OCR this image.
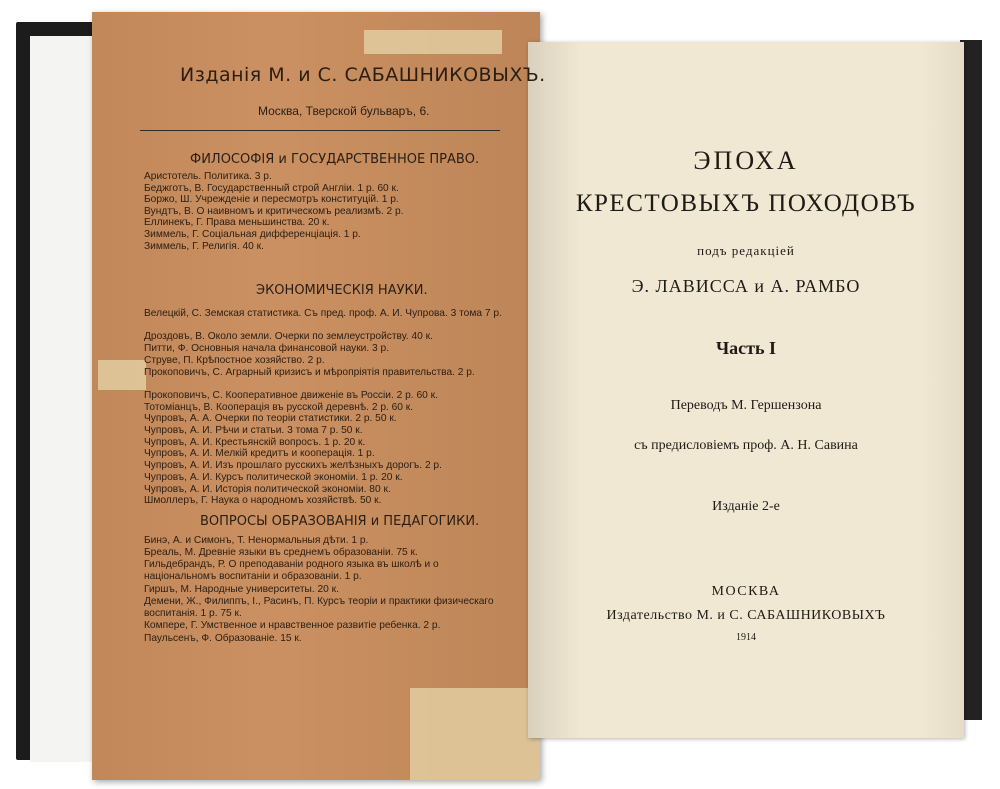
Изданія М. и С. САБАШНИКОВЫХЪ.
Москва, Тверской бульваръ, 6.
ФИЛОСОФІЯ и ГОСУДАРСТВЕННОЕ ПРАВО.
Аристотель. Политика. 3 р.
Беджготъ, В. Государственный строй Англіи. 1 р. 60 к.
Боржо, Ш. Учрежденіе и пересмотръ конституцій. 1 р.
Вундтъ, В. О наивномъ и критическомъ реализмѣ. 2 р.
Еллинекъ, Г. Права меньшинства. 20 к.
Зиммель, Г. Соціальная дифференціація. 1 р.
Зиммель, Г. Религія. 40 к.
ЭКОНОМИЧЕСКІЯ НАУКИ.
Велецкій, С. Земская статистика. Съ пред. проф. А. И. Чупрова. 3 тома 7 р.
Дроздовъ, В. Около земли. Очерки по землеустройству. 40 к.
Питти, Ф. Основныя начала финансовой науки. 3 р.
Струве, П. Крѣпостное хозяйство. 2 р.
Прокоповичъ, С. Аграрный кризисъ и мѣропріятія правительства. 2 р.
Прокоповичъ, С. Кооперативное движеніе въ Россіи. 2 р. 60 к.
Тотоміанцъ, В. Кооперація въ русской деревнѣ. 2 р. 60 к.
Чупровъ, А. А. Очерки по теоріи статистики. 2 р. 50 к.
Чупровъ, А. И. Рѣчи и статьи. 3 тома 7 р. 50 к.
Чупровъ, А. И. Крестьянскій вопросъ. 1 р. 20 к.
Чупровъ, А. И. Мелкій кредитъ и кооперація. 1 р.
Чупровъ, А. И. Изъ прошлаго русскихъ желѣзныхъ дорогъ. 2 р.
Чупровъ, А. И. Курсъ политической экономіи. 1 р. 20 к.
Чупровъ, А. И. Исторія политической экономіи. 80 к.
Шмоллеръ, Г. Наука о народномъ хозяйствѣ. 50 к.
ВОПРОСЫ ОБРАЗОВАНІЯ и ПЕДАГОГИКИ.
Бинэ, А. и Симонъ, Т. Ненормальныя дѣти. 1 р.
Бреаль, М. Древніе языки въ среднемъ образованіи. 75 к.
Гильдебрандъ, Р. О преподаваніи родного языка въ школѣ и о національномъ воспитаніи и образованіи. 1 р.
Гиршъ, М. Народные университеты. 20 к.
Демени, Ж., Филиппъ, І., Расинъ, П. Курсъ теоріи и практики физическаго воспитанія. 1 р. 75 к.
Компере, Г. Умственное и нравственное развитіе ребенка. 2 р.
Паульсенъ, Ф. Образованіе. 15 к.
ЭПОХА
КРЕСТОВЫХЪ ПОХОДОВЪ
подъ редакціей
Э. ЛАВИССА и А. РАМБО
Часть I
Переводъ М. Гершензона
съ предисловіемъ проф. А. Н. Савина
Изданіе 2-е
МОСКВА
Издательство М. и С. САБАШНИКОВЫХЪ
1914
